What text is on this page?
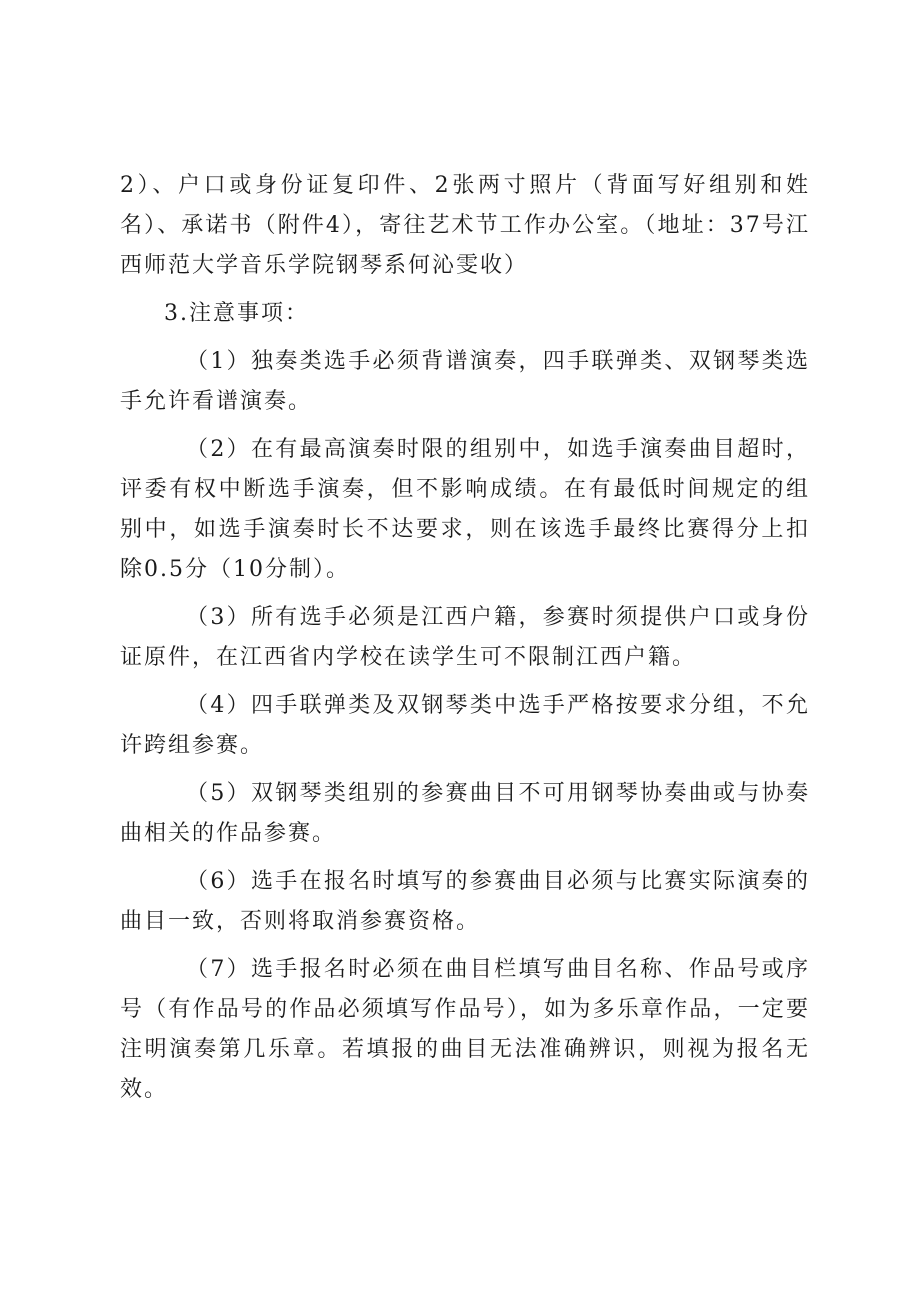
2）、户口或身份证复印件、2张两寸照片（背面写好组别和姓名）、承诺书（附件4），寄往艺术节工作办公室。（地址：37号江西师范大学音乐学院钢琴系何沁雯收）

3.注意事项：

（1）独奏类选手必须背谱演奏，四手联弹类、双钢琴类选手允许看谱演奏。

（2）在有最高演奏时限的组别中，如选手演奏曲目超时，评委有权中断选手演奏，但不影响成绩。在有最低时间规定的组别中，如选手演奏时长不达要求，则在该选手最终比赛得分上扣除0.5分（10分制）。

（3）所有选手必须是江西户籍，参赛时须提供户口或身份证原件，在江西省内学校在读学生可不限制江西户籍。

（4）四手联弹类及双钢琴类中选手严格按要求分组，不允许跨组参赛。

（5）双钢琴类组别的参赛曲目不可用钢琴协奏曲或与协奏曲相关的作品参赛。

（6）选手在报名时填写的参赛曲目必须与比赛实际演奏的曲目一致，否则将取消参赛资格。

（7）选手报名时必须在曲目栏填写曲目名称、作品号或序号（有作品号的作品必须填写作品号），如为多乐章作品，一定要注明演奏第几乐章。若填报的曲目无法准确辨识，则视为报名无效。
